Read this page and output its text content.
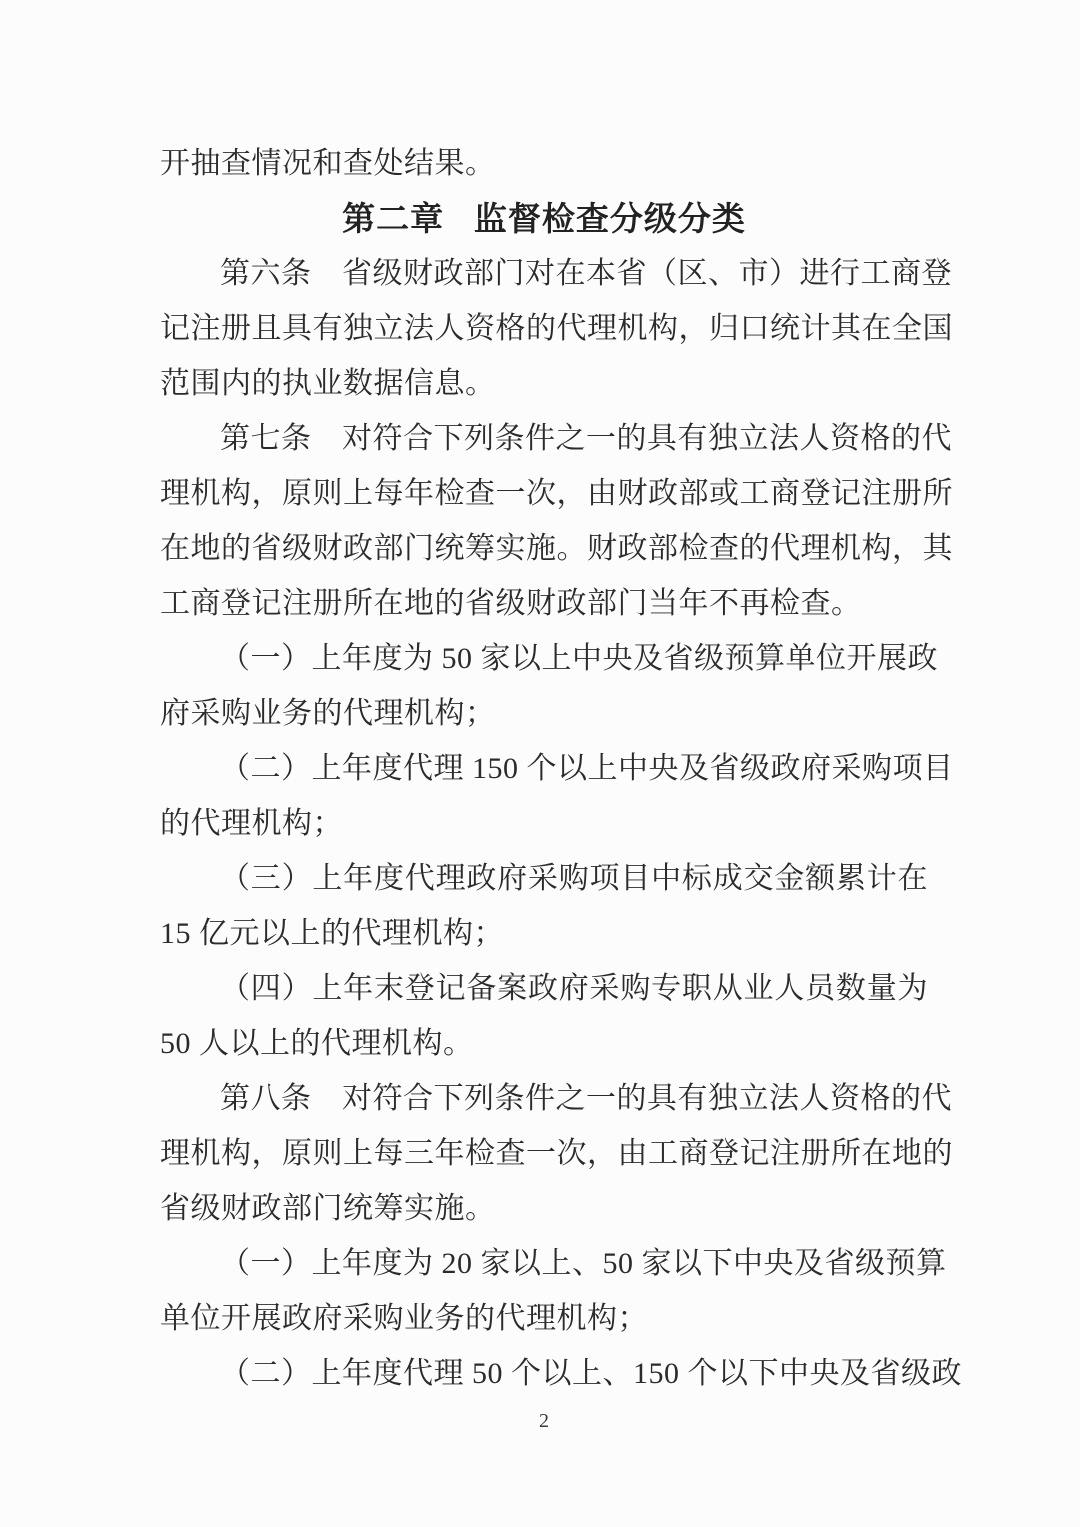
开抽查情况和查处结果。
第二章 监督检查分级分类
第六条　省级财政部门对在本省（区、市）进行工商登
记注册且具有独立法人资格的代理机构，归口统计其在全国
范围内的执业数据信息。
第七条　对符合下列条件之一的具有独立法人资格的代
理机构，原则上每年检查一次，由财政部或工商登记注册所
在地的省级财政部门统筹实施。财政部检查的代理机构，其
工商登记注册所在地的省级财政部门当年不再检查。
（一）上年度为 50 家以上中央及省级预算单位开展政
府采购业务的代理机构；
（二）上年度代理 150 个以上中央及省级政府采购项目
的代理机构；
（三）上年度代理政府采购项目中标成交金额累计在
15 亿元以上的代理机构；
（四）上年末登记备案政府采购专职从业人员数量为
50 人以上的代理机构。
第八条　对符合下列条件之一的具有独立法人资格的代
理机构，原则上每三年检查一次，由工商登记注册所在地的
省级财政部门统筹实施。
（一）上年度为 20 家以上、50 家以下中央及省级预算
单位开展政府采购业务的代理机构；
（二）上年度代理 50 个以上、150 个以下中央及省级政
2
